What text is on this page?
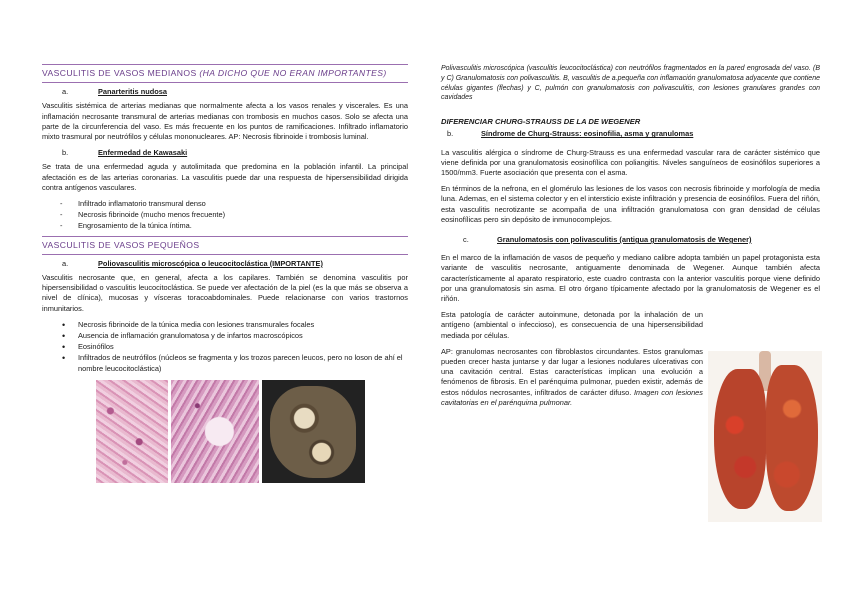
VASCULITIS DE VASOS MEDIANOS (HA DICHO QUE NO ERAN IMPORTANTES)
a.	Panarteritis nudosa

Vasculitis sistémica de arterias medianas que normalmente afecta a los vasos renales y viscerales. Es una inflamación necrosante transmural de arterias medianas con trombosis en muchos casos. Solo se afecta una parte de la circunferencia del vaso. Es más frecuente en los puntos de ramificaciones. Infiltrado inflamatorio mixto trasmural por neutrófilos y células mononucleares. AP: Necrosis fibrinoide i trombosis luminal.

b.	Enfermedad de Kawasaki

Se trata de una enfermedad aguda y autolimitada que predomina en la población infantil. La principal afectación es de las arterias coronarias. La vasculitis puede dar una respuesta de hipersensibilidad dirigida contra antígenos vasculares.

- Infiltrado inflamatorio transmural denso
- Necrosis fibrinoide (mucho menos frecuente)
- Engrosamiento de la túnica íntima.
VASCULITIS DE VASOS PEQUEÑOS
a.	Poliovasculitis microscópica o leucocitoclástica (IMPORTANTE)

Vasculitis necrosante que, en general, afecta a los capilares. También se denomina vasculitis por hipersensibilidad o vasculitis leucocitoclástica. Se puede ver afectación de la piel (es la que más se observa a nivel de clínica), mucosas y vísceras toracoabdominales. Puede relacionarse con varios trastornos inmunitarios.

• Necrosis fibrinoide de la túnica media con lesiones transmurales focales
• Ausencia de inflamación granulomatosa y de infartos macroscópicos
• Eosinófilos
• Infiltrados de neutrófilos (núcleos se fragmenta y los trozos parecen leucos, pero no loson de ahí el nombre leucocitoclástica)

Polivasculitis microscópica (vasculitis leucocitoclástica) con neutrófilos fragmentados en la pared engrosada del vaso. (B y C) Granulomatosis con polivasculitis. B, vasculitis de a.pequeña con inflamación granulomatosa adyacente que contiene células gigantes (flechas) y C, pulmón con granulomatosis con polivasculitis, con lesiones granulares grandes con cavidades

DIFERENCIAR CHURG-STRAUSS DE LA DE WEGENER
b.	Síndrome de Churg-Strauss: eosinofilia, asma y granulomas

La vasculitis alérgica o síndrome de Churg-Strauss es una enfermedad vascular rara de carácter sistémico que viene definida por una granulomatosis eosinofílica con poliangitis. Niveles sanguíneos de eosinófilos superiores a 1500/mm3. Fuerte asociación que presenta con el asma.

En términos de la nefrona, en el glomérulo las lesiones de los vasos con necrosis fibrinoide y morfología de media luna. Ademas, en el sistema colector y en el intersticio existe infiltración y presencia de eosinófilos. Fuera del riñón, esta vasculitis necrotizante se acompaña de una infiltración granulomatosa con gran densidad de células eosinofílicas pero sin depósito de inmunocomplejos.

c.	Granulomatosis con polivasculitis (antigua granulomatosis de Wegener)

En el marco de la inflamación de vasos de pequeño y mediano calibre adopta también un papel protagonista esta variante de vasculitis necrosante, antiguamente denominada de Wegener. Aunque también afecta característicamente al aparato respiratorio, este cuadro contrasta con la anterior vasculitis porque viene definido por una granulomatosis sin asma. El otro órgano típicamente afectado por la granulomatosis de Wegener es el riñón.

Esta patología de carácter autoinmune, detonada por la inhalación de un antígeno (ambiental o infeccioso), es consecuencia de una hipersensibilidad mediada por células.

AP: granulomas necrosantes con fibroblastos circundantes. Estos granulomas pueden crecer hasta juntarse y dar lugar a lesiones nodulares ulcerativas con una cavitación central. Estas características implican una evolución a fenómenos de fibrosis. En el parénquima pulmonar, pueden existir, además de estos nódulos necrosantes, infiltrados de carácter difuso. Imagen con lesiones cavitatorias en el parénquima pulmonar.
